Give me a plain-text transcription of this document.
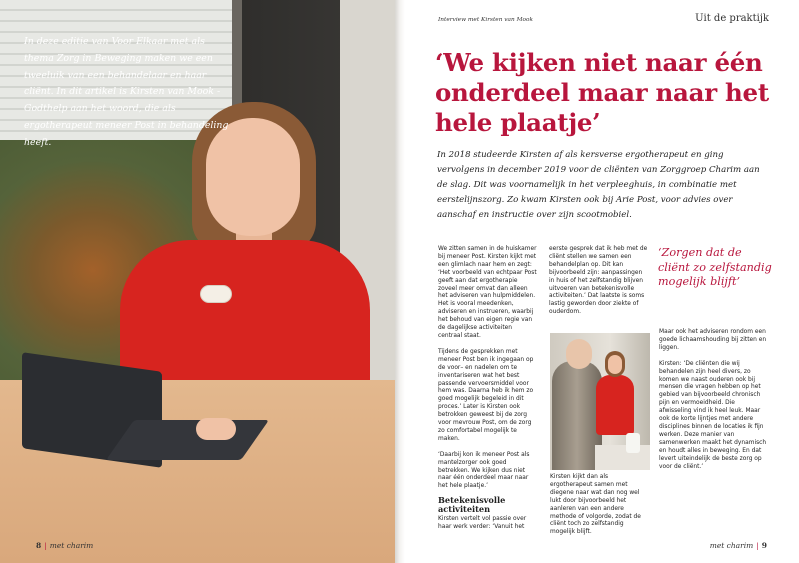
In deze editie van Voor Elkaar met als thema Zorg in Beweging maken we een tweeluik van een behandelaar en haar cliënt. In dit artikel is Kirsten van Mook - Godthelp aan het woord, die als ergotherapeut meneer Post in behandeling heeft.

8 | met charim
Interview met Kirsten van Mook	Uit de praktijk
‘We kijken niet naar één onderdeel maar naar het hele plaatje’

In 2018 studeerde Kirsten af als kersverse ergotherapeut en ging vervolgens in december 2019 voor de cliënten van Zorggroep Charim aan de slag. Dit was voornamelijk in het verpleeghuis, in combinatie met eerstelijnszorg. Zo kwam Kirsten ook bij Arie Post, voor advies over aanschaf en instructie over zijn scootmobiel.

We zitten samen in de huiskamer bij meneer Post. Kirsten kijkt met een glimlach naar hem en zegt: ‘Het voorbeeld van echtpaar Post geeft aan dat ergotherapie zoveel meer omvat dan alleen het adviseren van hulpmiddelen. Het is vooral meedenken, adviseren en instrueren, waarbij het behoud van eigen regie van de dagelijkse activiteiten centraal staat.

Tijdens de gesprekken met meneer Post ben ik ingegaan op de voor– en nadelen om te inventariseren wat het best passende vervoersmiddel voor hem was. Daarna heb ik hem zo goed mogelijk begeleid in dit proces.’ Later is Kirsten ook betrokken geweest bij de zorg voor mevrouw Post, om de zorg zo comfortabel mogelijk te maken.

‘Daarbij kon ik meneer Post als mantelzorger ook goed betrekken. We kijken dus niet naar één onderdeel maar naar het hele plaatje.’

Betekenisvolle activiteiten

Kirsten vertelt vol passie over haar werk verder: ‘Vanuit het

eerste gesprek dat ik heb met de cliënt stellen we samen een behandelplan op. Dit kan bijvoorbeeld zijn: aanpassingen in huis of het zelfstandig blijven uitvoeren van betekenisvolle activiteiten.’ Dat laatste is soms lastig geworden door ziekte of ouderdom.

Kirsten kijkt dan als ergotherapeut samen met diegene naar wat dan nog wel lukt door bijvoorbeeld het aanleren van een andere methode of volgorde, zodat de cliënt toch zo zelfstandig mogelijk blijft.

‘Zorgen dat de cliënt zo zelfstandig mogelijk blijft’

Maar ook het adviseren rondom een goede lichaamshouding bij zitten en liggen.

Kirsten: ‘De cliënten die wij behandelen zijn heel divers, zo komen we naast ouderen ook bij mensen die vragen hebben op het gebied van bijvoorbeeld chronisch pijn en vermoeidheid. Die afwisseling vind ik heel leuk. Maar ook de korte lijntjes met andere disciplines binnen de locaties ik fijn werken. Deze manier van samenwerken maakt het dynamisch en houdt alles in beweging. En dat levert uiteindelijk de beste zorg op voor de cliënt.’

met charim | 9
